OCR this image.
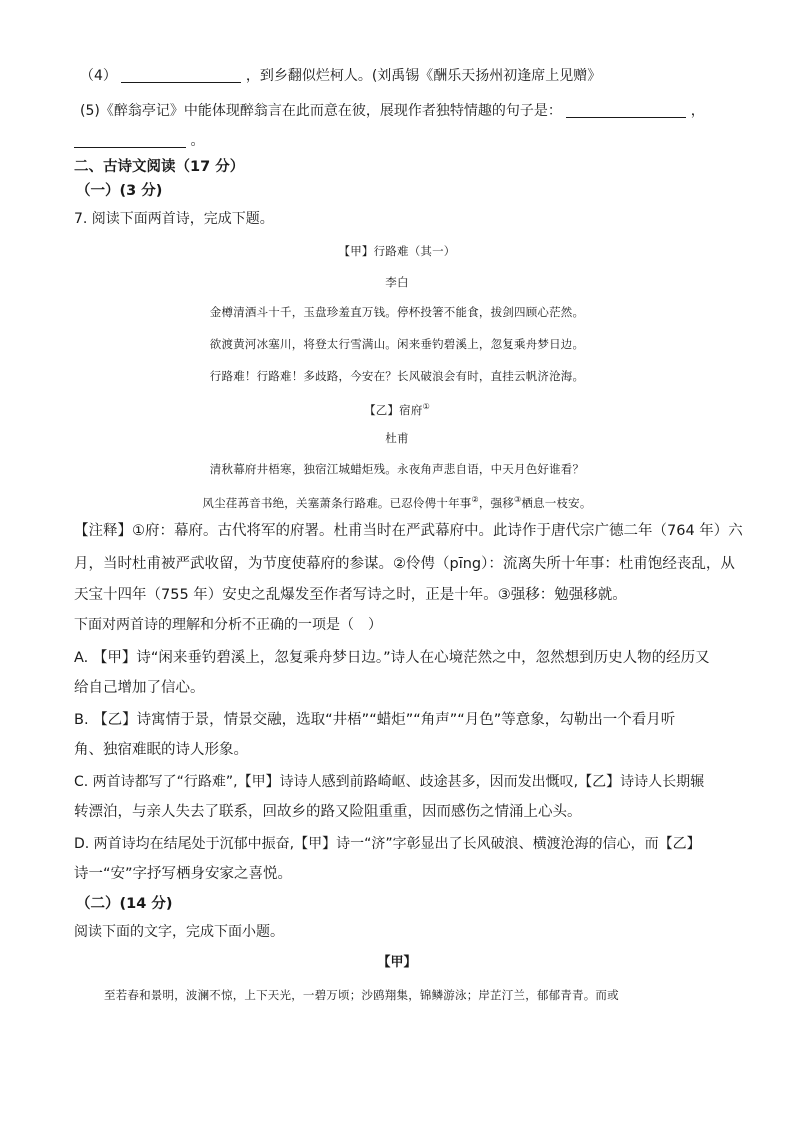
（4）	，到乡翻似烂柯人。(刘禹锡《酬乐天扬州初逢席上见赠》
(5)《醉翁亭记》中能体现醉翁言在此而意在彼，展现作者独特情趣的句子是：	，
。
二、古诗文阅读（17 分）
（一）(3 分)
7. 阅读下面两首诗，完成下题。
【甲】行路难（其一）
李白
金樽清酒斗十千，玉盘珍羞直万钱。停杯投箸不能食，拔剑四顾心茫然。
欲渡黄河冰塞川，将登太行雪满山。闲来垂钓碧溪上，忽复乘舟梦日边。
行路难！行路难！多歧路，今安在？长风破浪会有时，直挂云帆济沧海。
【乙】宿府①
杜甫
清秋幕府井梧寒，独宿江城蜡炬残。永夜角声悲自语，中天月色好谁看？
风尘荏苒音书绝，关塞萧条行路难。已忍伶俜十年事②，强移③栖息一枝安。
【注释】①府：幕府。古代将军的府署。杜甫当时在严武幕府中。此诗作于唐代宗广德二年（764 年）六
月，当时杜甫被严武收留，为节度使幕府的参谋。②伶俜（pīng）：流离失所十年事：杜甫饱经丧乱，从
天宝十四年（755 年）安史之乱爆发至作者写诗之时，正是十年。③强移：勉强移就。
下面对两首诗的理解和分析不正确的一项是（　）
A. 【甲】诗“闲来垂钓碧溪上，忽复乘舟梦日边。”诗人在心境茫然之中，忽然想到历史人物的经历又
给自己增加了信心。
B. 【乙】诗寓情于景，情景交融，选取“井梧”“蜡炬”“角声”“月色”等意象，勾勒出一个看月听
角、独宿难眠的诗人形象。
C. 两首诗都写了“行路难”,【甲】诗诗人感到前路崎岖、歧途甚多，因而发出慨叹,【乙】诗诗人长期辗
转漂泊，与亲人失去了联系，回故乡的路又险阻重重，因而感伤之情涌上心头。
D. 两首诗均在结尾处于沉郁中振奋,【甲】诗一“济”字彰显出了长风破浪、横渡沧海的信心，而【乙】
诗一“安”字抒写栖身安家之喜悦。
（二）(14 分)
阅读下面的文字，完成下面小题。
【甲】
至若春和景明，波澜不惊，上下天光，一碧万顷；沙鸥翔集，锦鳞游泳；岸芷汀兰，郁郁青青。而或
